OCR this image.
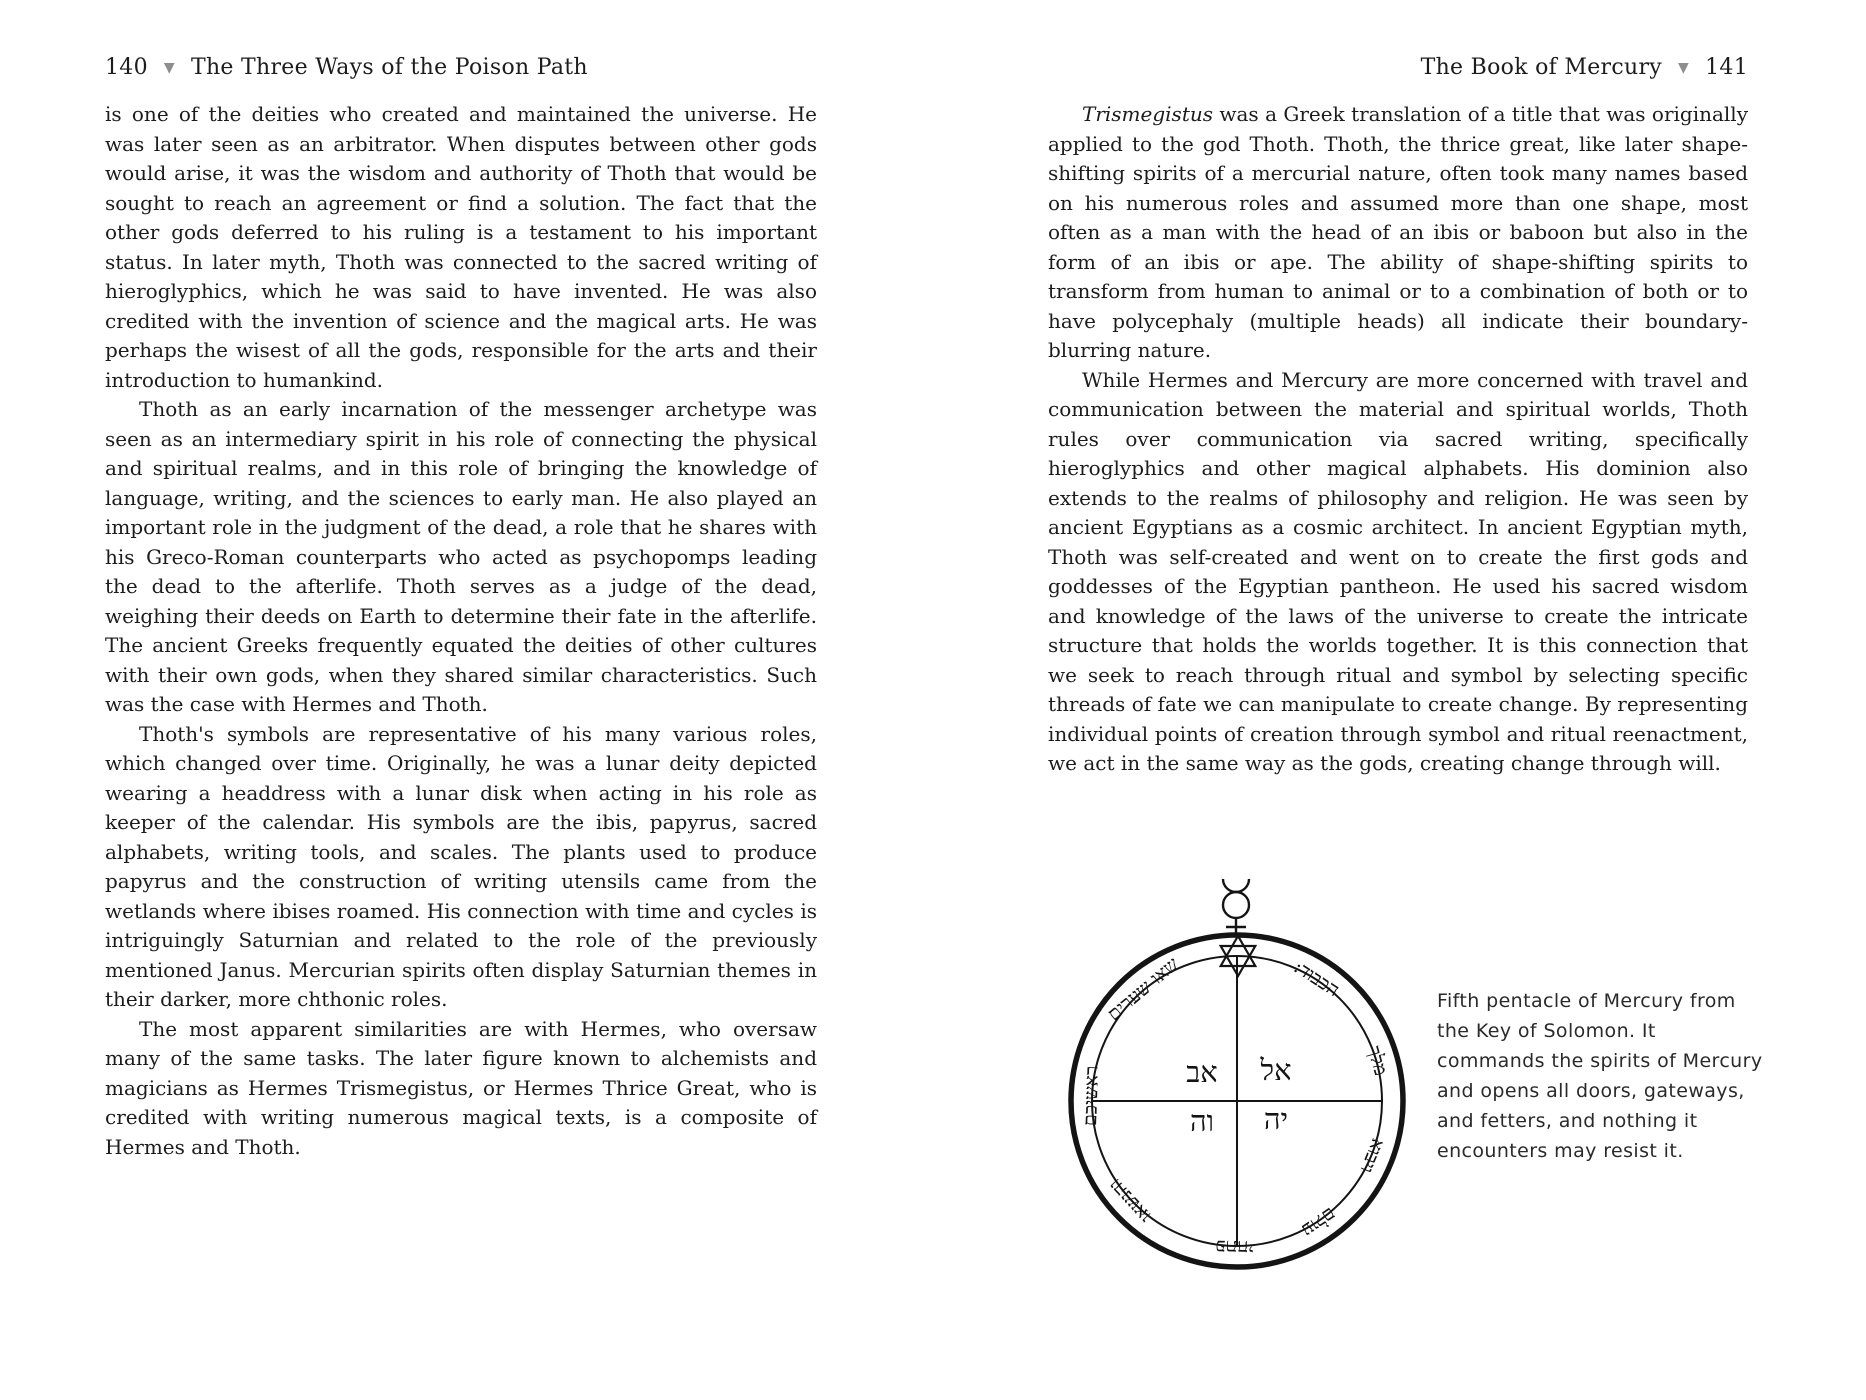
140 ▼ The Three Ways of the Poison Path

is one of the deities who created and maintained the universe. He was later seen as an arbitrator. When disputes between other gods would arise, it was the wisdom and authority of Thoth that would be sought to reach an agreement or find a solution. The fact that the other gods deferred to his ruling is a testament to his important status. In later myth, Thoth was connected to the sacred writing of hieroglyphics, which he was said to have invented. He was also credited with the invention of science and the magical arts. He was perhaps the wisest of all the gods, responsible for the arts and their introduction to humankind.

Thoth as an early incarnation of the messenger archetype was seen as an intermediary spirit in his role of connecting the physical and spiritual realms, and in this role of bringing the knowledge of language, writing, and the sciences to early man. He also played an important role in the judgment of the dead, a role that he shares with his Greco-Roman counterparts who acted as psychopomps leading the dead to the afterlife. Thoth serves as a judge of the dead, weighing their deeds on Earth to determine their fate in the afterlife. The ancient Greeks frequently equated the deities of other cultures with their own gods, when they shared similar characteristics. Such was the case with Hermes and Thoth.

Thoth's symbols are representative of his many various roles, which changed over time. Originally, he was a lunar deity depicted wearing a headdress with a lunar disk when acting in his role as keeper of the calendar. His symbols are the ibis, papyrus, sacred alphabets, writing tools, and scales. The plants used to produce papyrus and the construction of writing utensils came from the wetlands where ibises roamed. His connection with time and cycles is intriguingly Saturnian and related to the role of the previously mentioned Janus. Mercurian spirits often display Saturnian themes in their darker, more chthonic roles.

The most apparent similarities are with Hermes, who oversaw many of the same tasks. The later figure known to alchemists and magicians as Hermes Trismegistus, or Hermes Thrice Great, who is credited with writing numerous magical texts, is a composite of Hermes and Thoth.

The Book of Mercury ▼ 141

Trismegistus was a Greek translation of a title that was originally applied to the god Thoth. Thoth, the thrice great, like later shape-shifting spirits of a mercurial nature, often took many names based on his numerous roles and assumed more than one shape, most often as a man with the head of an ibis or baboon but also in the form of an ibis or ape. The ability of shape-shifting spirits to transform from human to animal or to a combination of both or to have polycephaly (multiple heads) all indicate their boundary-blurring nature.

While Hermes and Mercury are more concerned with travel and communication between the material and spiritual worlds, Thoth rules over communication via sacred writing, specifically hieroglyphics and other magical alphabets. His dominion also extends to the realms of philosophy and religion. He was seen by ancient Egyptians as a cosmic architect. In ancient Egyptian myth, Thoth was self-created and went on to create the first gods and goddesses of the Egyptian pantheon. He used his sacred wisdom and knowledge of the laws of the universe to create the intricate structure that holds the worlds together. It is this connection that we seek to reach through ritual and symbol by selecting specific threads of fate we can manipulate to create change. By representing individual points of creation through symbol and ritual reenactment, we act in the same way as the gods, creating change through will.

אב אל
וה יה
שאו שערים
ראשיכם
והנשאו
פתחי
עולם
ויבוא
מלך
הכבוד:	Fifth pentacle of Mercury from the Key of Solomon. It commands the spirits of Mercury and opens all doors, gateways, and fetters, and nothing it encounters may resist it.
